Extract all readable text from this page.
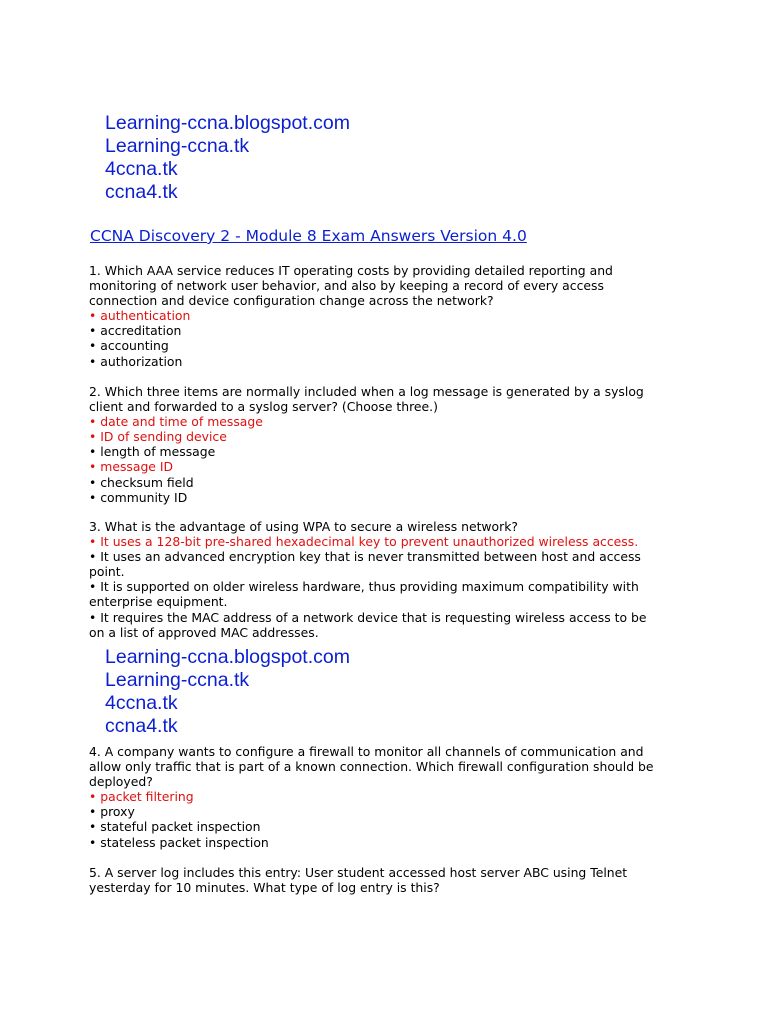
Learning-ccna.blogspot.com
Learning-ccna.tk
4ccna.tk
ccna4.tk
CCNA Discovery 2 - Module 8 Exam Answers Version 4.0
1. Which AAA service reduces IT operating costs by providing detailed reporting and
monitoring of network user behavior, and also by keeping a record of every access
connection and device configuration change across the network?
• authentication
• accreditation
• accounting
• authorization
2. Which three items are normally included when a log message is generated by a syslog
client and forwarded to a syslog server? (Choose three.)
• date and time of message
• ID of sending device
• length of message
• message ID
• checksum field
• community ID
3. What is the advantage of using WPA to secure a wireless network?
• It uses a 128-bit pre-shared hexadecimal key to prevent unauthorized wireless access.
• It uses an advanced encryption key that is never transmitted between host and access
point.
• It is supported on older wireless hardware, thus providing maximum compatibility with
enterprise equipment.
• It requires the MAC address of a network device that is requesting wireless access to be
on a list of approved MAC addresses.
Learning-ccna.blogspot.com
Learning-ccna.tk
4ccna.tk
ccna4.tk
4. A company wants to configure a firewall to monitor all channels of communication and
allow only traffic that is part of a known connection. Which firewall configuration should be
deployed?
• packet filtering
• proxy
• stateful packet inspection
• stateless packet inspection
5. A server log includes this entry: User student accessed host server ABC using Telnet
yesterday for 10 minutes. What type of log entry is this?
